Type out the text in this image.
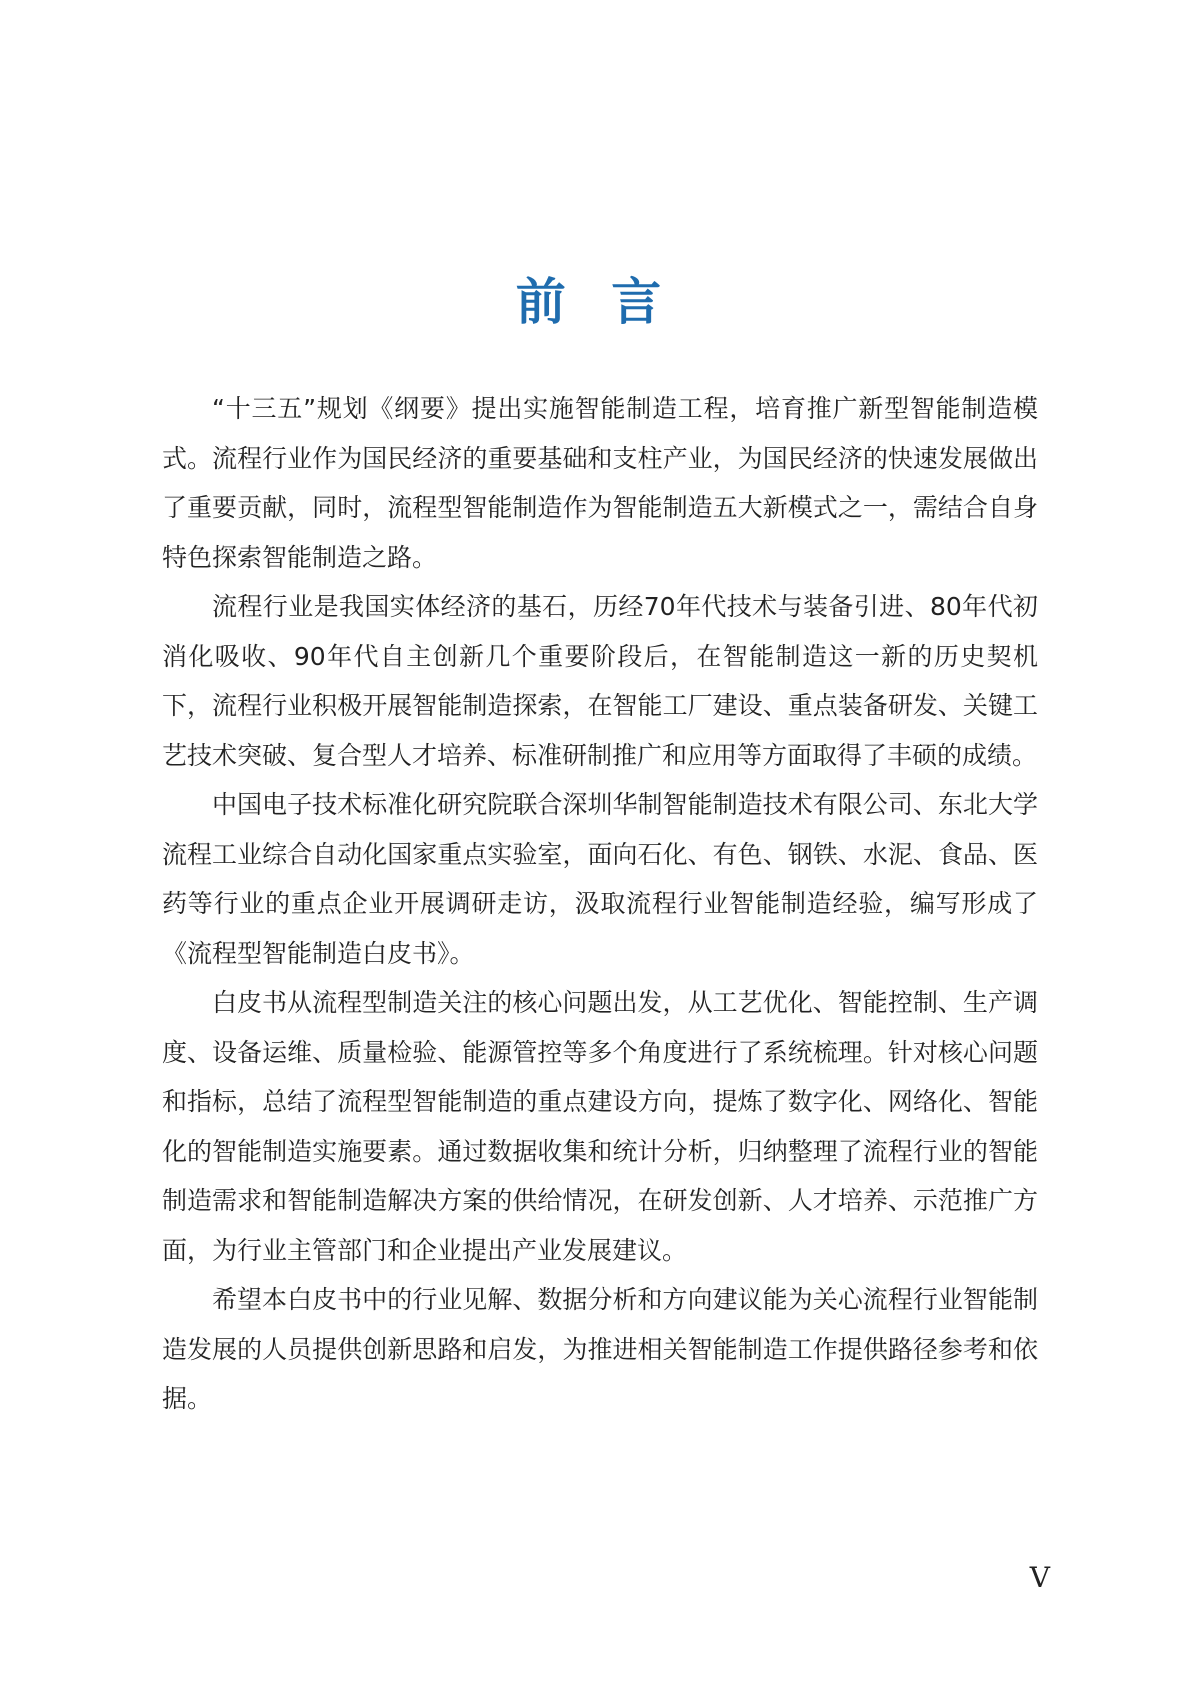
前 言

“十三五”规划《纲要》提出实施智能制造工程，培育推广新型智能制造模式。流程行业作为国民经济的重要基础和支柱产业，为国民经济的快速发展做出了重要贡献，同时，流程型智能制造作为智能制造五大新模式之一，需结合自身特色探索智能制造之路。

流程行业是我国实体经济的基石，历经70年代技术与装备引进、80年代初消化吸收、90年代自主创新几个重要阶段后，在智能制造这一新的历史契机下，流程行业积极开展智能制造探索，在智能工厂建设、重点装备研发、关键工艺技术突破、复合型人才培养、标准研制推广和应用等方面取得了丰硕的成绩。

中国电子技术标准化研究院联合深圳华制智能制造技术有限公司、东北大学流程工业综合自动化国家重点实验室，面向石化、有色、钢铁、水泥、食品、医药等行业的重点企业开展调研走访，汲取流程行业智能制造经验，编写形成了《流程型智能制造白皮书》。

白皮书从流程型制造关注的核心问题出发，从工艺优化、智能控制、生产调度、设备运维、质量检验、能源管控等多个角度进行了系统梳理。针对核心问题和指标，总结了流程型智能制造的重点建设方向，提炼了数字化、网络化、智能化的智能制造实施要素。通过数据收集和统计分析，归纳整理了流程行业的智能制造需求和智能制造解决方案的供给情况，在研发创新、人才培养、示范推广方面，为行业主管部门和企业提出产业发展建议。

希望本白皮书中的行业见解、数据分析和方向建议能为关心流程行业智能制造发展的人员提供创新思路和启发，为推进相关智能制造工作提供路径参考和依据。

V
